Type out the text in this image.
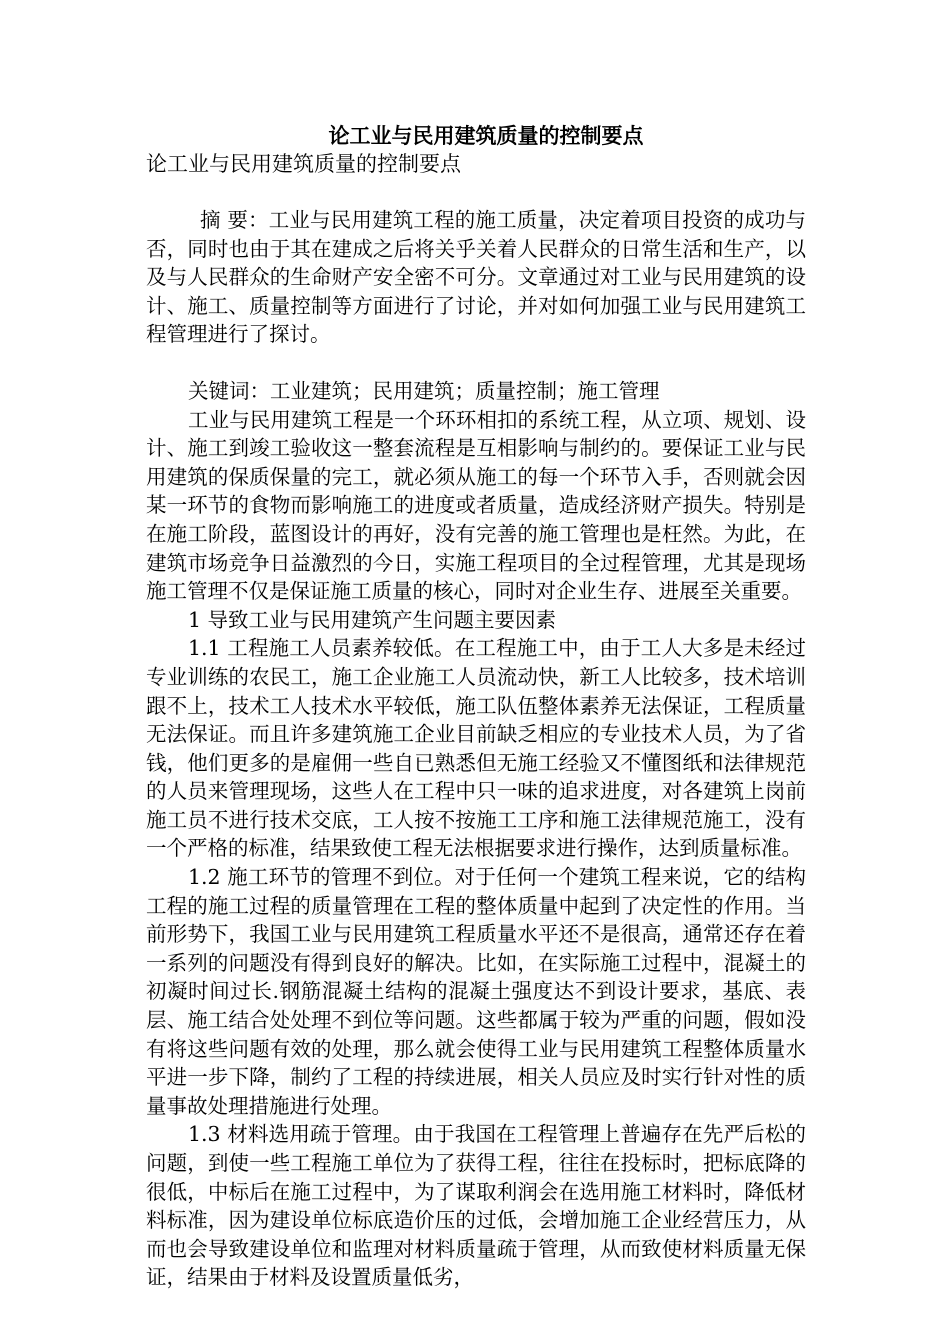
论工业与民用建筑质量的控制要点

论工业与民用建筑质量的控制要点

摘 要：工业与民用建筑工程的施工质量，决定着项目投资的成功与否，同时也由于其在建成之后将关乎关着人民群众的日常生活和生产，以及与人民群众的生命财产安全密不可分。文章通过对工业与民用建筑的设计、施工、质量控制等方面进行了讨论，并对如何加强工业与民用建筑工程管理进行了探讨。

关键词：工业建筑；民用建筑；质量控制；施工管理

工业与民用建筑工程是一个环环相扣的系统工程，从立项、规划、设计、施工到竣工验收这一整套流程是互相影响与制约的。要保证工业与民用建筑的保质保量的完工，就必须从施工的每一个环节入手，否则就会因某一环节的食物而影响施工的进度或者质量，造成经济财产损失。特别是在施工阶段，蓝图设计的再好，没有完善的施工管理也是枉然。为此，在建筑市场竞争日益激烈的今日，实施工程项目的全过程管理，尤其是现场施工管理不仅是保证施工质量的核心，同时对企业生存、进展至关重要。

1 导致工业与民用建筑产生问题主要因素

1.1 工程施工人员素养较低。在工程施工中，由于工人大多是未经过专业训练的农民工，施工企业施工人员流动快，新工人比较多，技术培训跟不上，技术工人技术水平较低，施工队伍整体素养无法保证，工程质量无法保证。而且许多建筑施工企业目前缺乏相应的专业技术人员，为了省钱，他们更多的是雇佣一些自已熟悉但无施工经验又不懂图纸和法律规范的人员来管理现场，这些人在工程中只一味的追求进度，对各建筑上岗前施工员不进行技术交底，工人按不按施工工序和施工法律规范施工，没有一个严格的标准，结果致使工程无法根据要求进行操作，达到质量标准。

1.2 施工环节的管理不到位。对于任何一个建筑工程来说，它的结构工程的施工过程的质量管理在工程的整体质量中起到了决定性的作用。当前形势下，我国工业与民用建筑工程质量水平还不是很高，通常还存在着一系列的问题没有得到良好的解决。比如，在实际施工过程中，混凝土的初凝时间过长.钢筋混凝土结构的混凝土强度达不到设计要求，基底、表层、施工结合处处理不到位等问题。这些都属于较为严重的问题，假如没有将这些问题有效的处理，那么就会使得工业与民用建筑工程整体质量水平进一步下降，制约了工程的持续进展，相关人员应及时实行针对性的质量事故处理措施进行处理。

1.3 材料选用疏于管理。由于我国在工程管理上普遍存在先严后松的问题，到使一些工程施工单位为了获得工程，往往在投标时，把标底降的很低，中标后在施工过程中，为了谋取利润会在选用施工材料时，降低材料标准，因为建设单位标底造价压的过低，会增加施工企业经营压力，从而也会导致建设单位和监理对材料质量疏于管理，从而致使材料质量无保证，结果由于材料及设置质量低劣，
